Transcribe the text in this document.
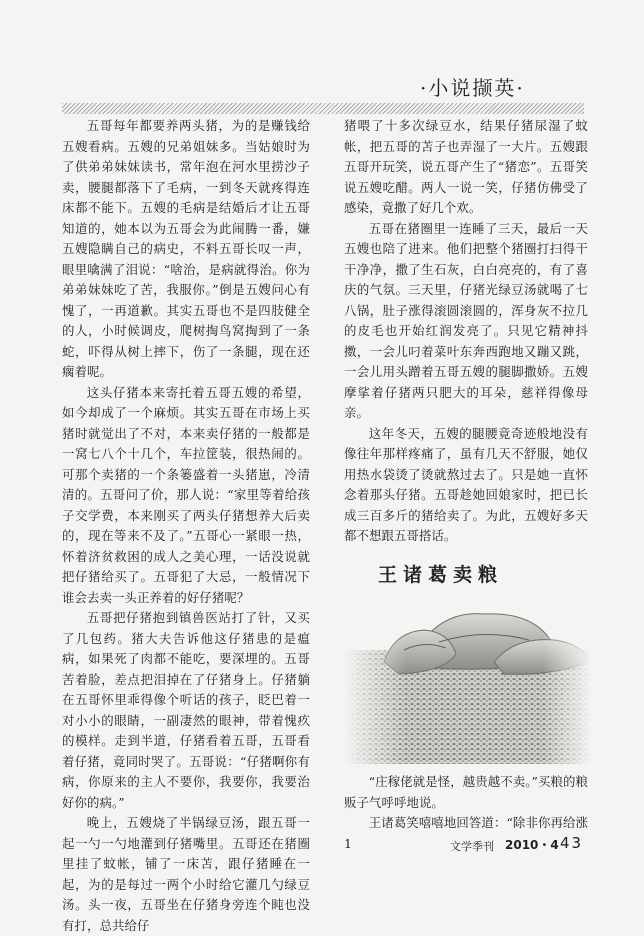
·小说撷英·

五哥每年都要养两头猪，为的是赚钱给五嫂看病。五嫂的兄弟姐妹多。当姑娘时为了供弟弟妹妹读书，常年泡在河水里捞沙子卖，腰腿都落下了毛病，一到冬天就疼得连床都不能下。五嫂的毛病是结婚后才让五哥知道的，她本以为五哥会为此闹腾一番，嫌五嫂隐瞒自己的病史，不料五哥长叹一声，眼里噙满了泪说：“啥治，是病就得治。你为弟弟妹妹吃了苦，我服你。”倒是五嫂问心有愧了，一再道歉。其实五哥也不是四肢健全的人，小时候调皮，爬树掏鸟窝掏到了一条蛇，吓得从树上摔下，伤了一条腿，现在还瘸着呢。

这头仔猪本来寄托着五哥五嫂的希望，如今却成了一个麻烦。其实五哥在市场上买猪时就觉出了不对，本来卖仔猪的一般都是一窝七八个十几个，车拉筐装，很热闹的。可那个卖猪的一个条篓盛着一头猪崽，冷清清的。五哥问了价，那人说：“家里等着给孩子交学费，本来刚买了两头仔猪想养大后卖的，现在等来不及了。”五哥心一紧眼一热，怀着济贫救困的成人之美心理，一话没说就把仔猪给买了。五哥犯了大忌，一般情况下谁会去卖一头正养着的好仔猪呢？

五哥把仔猪抱到镇兽医站打了针，又买了几包药。猪大夫告诉他这仔猪患的是瘟病，如果死了肉都不能吃，要深埋的。五哥苦着脸，差点把泪掉在了仔猪身上。仔猪躺在五哥怀里乖得像个听话的孩子，眨巴着一对小小的眼睛，一副凄然的眼神，带着愧疚的模样。走到半道，仔猪看着五哥，五哥看着仔猪，竟同时哭了。五哥说：“仔猪啊你有病，你原来的主人不要你，我要你，我要治好你的病。”

晚上，五嫂烧了半锅绿豆汤，跟五哥一起一勺一勺地灌到仔猪嘴里。五哥还在猪圈里挂了蚊帐，铺了一床苫，跟仔猪睡在一起，为的是每过一两个小时给它灌几勺绿豆汤。头一夜，五哥坐在仔猪身旁连个盹也没有打，总共给仔

猪喂了十多次绿豆水，结果仔猪尿湿了蚊帐，把五哥的苫子也弄湿了一大片。五嫂跟五哥开玩笑，说五哥产生了“猪恋”。五哥笑说五嫂吃醋。两人一说一笑，仔猪仿佛受了感染，竟撒了好几个欢。

五哥在猪圈里一连睡了三天，最后一天五嫂也陪了进来。他们把整个猪圈打扫得干干净净，撒了生石灰，白白亮亮的，有了喜庆的气氛。三天里，仔猪光绿豆汤就喝了七八锅，肚子涨得滚圆滚圆的，浑身灰不拉几的皮毛也开始红润发亮了。只见它精神抖擞，一会儿叼着菜叶东奔西跑地又蹦又跳，一会儿用头蹭着五哥五嫂的腿脚撒娇。五嫂摩挲着仔猪两只肥大的耳朵，慈祥得像母亲。

这年冬天，五嫂的腿腰竟奇迹般地没有像往年那样疼痛了，虽有几天不舒服，她仅用热水袋烫了烫就熬过去了。只是她一直怀念着那头仔猪。五哥趁她回娘家时，把已长成三百多斤的猪给卖了。为此，五嫂好多天都不想跟五哥搭话。

王诸葛卖粮

“庄稼佬就是怪，越贵越不卖。”买粮的粮贩子气呼呼地说。

王诸葛笑嘻嘻地回答道：“除非你再给涨1	文学季刊 2010・4 43
